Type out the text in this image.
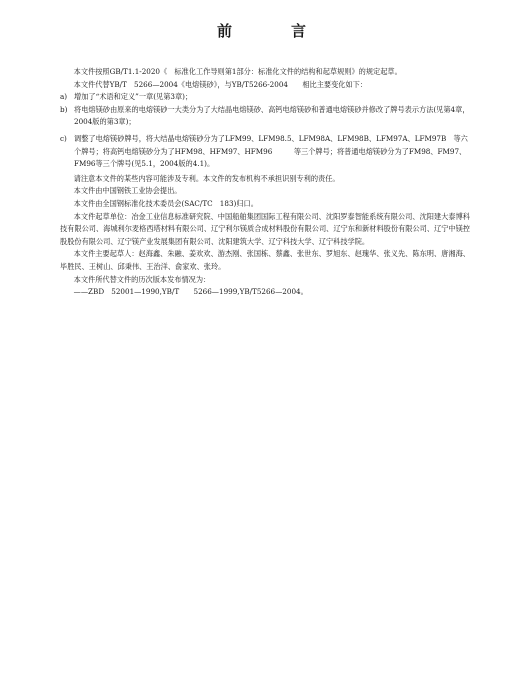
前　言

本文件按照GB/T1.1-2020《　标准化工作导则第1部分：标准化文件的结构和起草规则》的规定起草。

本文件代替YB/T　5266—2004《电熔镁砂》，与YB/T5266-2004　　相比主要变化如下：

a) 增加了“术语和定义”一章(见第3章)；
b) 将电熔镁砂由原来的电熔镁砂一大类分为了大结晶电熔镁砂、高钙电熔镁砂和普通电熔镁砂并修改了牌号表示方法(见第4章，2004版的第3章)；
c) 调整了电熔镁砂牌号，将大结晶电熔镁砂分为了LFM99、LFM98.5、LFM98A、LFM98B、LFM97A、LFM97B　等六个牌号；将高钙电熔镁砂分为了HFM98、HFM97、HFM96　　　等三个牌号；将普通电熔镁砂分为了FM98、FM97、FM96等三个牌号(见5.1，2004版的4.1)。

请注意本文件的某些内容可能涉及专利。本文件的发布机构不承担识别专利的责任。

本文件由中国钢铁工业协会提出。

本文件由全国钢标准化技术委员会(SAC/TC　183)归口。

本文件起草单位：冶金工业信息标准研究院、中国船舶集团国际工程有限公司、沈阳罗泰智能系统有限公司、沈阳建大泰博科技有限公司、海城利尔麦格西塔材料有限公司、辽宁利尔镁质合成材料股份有限公司、辽宁东和新材料股份有限公司、辽宁中镁控股股份有限公司、辽宁镁产业发展集团有限公司、沈阳建筑大学、辽宁科技大学、辽宁科技学院。

本文件主要起草人：赵海鑫、朱融、姜欢欢、游杰刚、张国栋、蔡鑫、张世东、罗旭东、赵瑰华、张义先、陈东明、唐湘海、毕胜民、王树山、邱秉伟、王治洋、俞家欢、张玲。

本文件所代替文件的历次版本发布情况为：

——ZBD　52001—1990,YB/T　　5266—1999,YB/T5266—2004。
